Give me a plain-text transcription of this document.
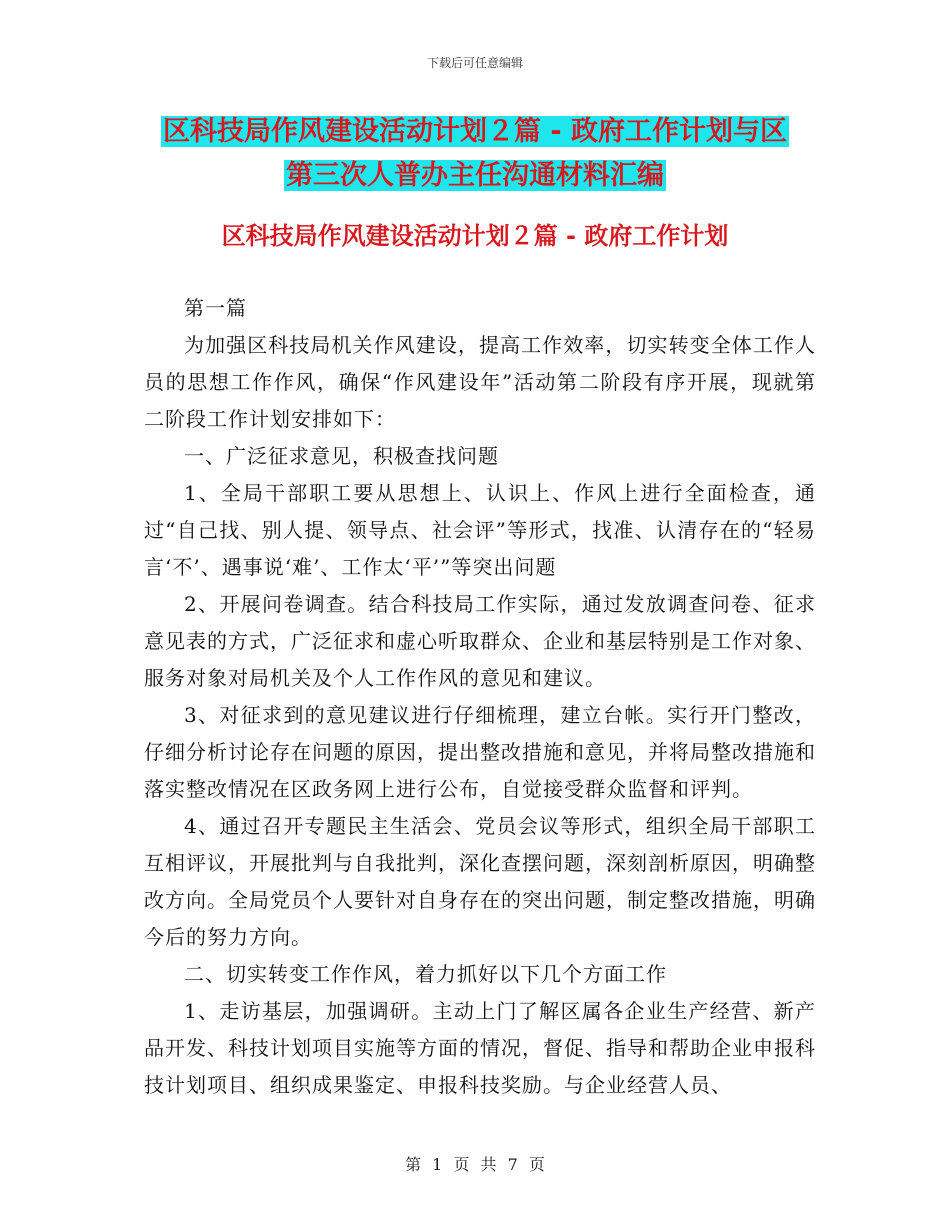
下载后可任意编辑
区科技局作风建设活动计划２篇 - 政府工作计划与区
第三次人普办主任沟通材料汇编
区科技局作风建设活动计划２篇 - 政府工作计划

第一篇

为加强区科技局机关作风建设，提高工作效率，切实转变全体工作人员的思想工作作风，确保“作风建设年”活动第二阶段有序开展，现就第二阶段工作计划安排如下：

一、广泛征求意见，积极查找问题

1、全局干部职工要从思想上、认识上、作风上进行全面检查，通过“自己找、别人提、领导点、社会评”等形式，找准、认清存在的“轻易言‘不’、遇事说‘难’、工作太‘平’”等突出问题

2、开展问卷调查。结合科技局工作实际，通过发放调查问卷、征求意见表的方式，广泛征求和虚心听取群众、企业和基层特别是工作对象、服务对象对局机关及个人工作作风的意见和建议。

3、对征求到的意见建议进行仔细梳理，建立台帐。实行开门整改，仔细分析讨论存在问题的原因，提出整改措施和意见，并将局整改措施和落实整改情况在区政务网上进行公布，自觉接受群众监督和评判。

4、通过召开专题民主生活会、党员会议等形式，组织全局干部职工互相评议，开展批判与自我批判，深化查摆问题，深刻剖析原因，明确整改方向。全局党员个人要针对自身存在的突出问题，制定整改措施，明确今后的努力方向。

二、切实转变工作作风，着力抓好以下几个方面工作

1、走访基层，加强调研。主动上门了解区属各企业生产经营、新产品开发、科技计划项目实施等方面的情况，督促、指导和帮助企业申报科技计划项目、组织成果鉴定、申报科技奖励。与企业经营人员、

第 1 页 共 7 页
